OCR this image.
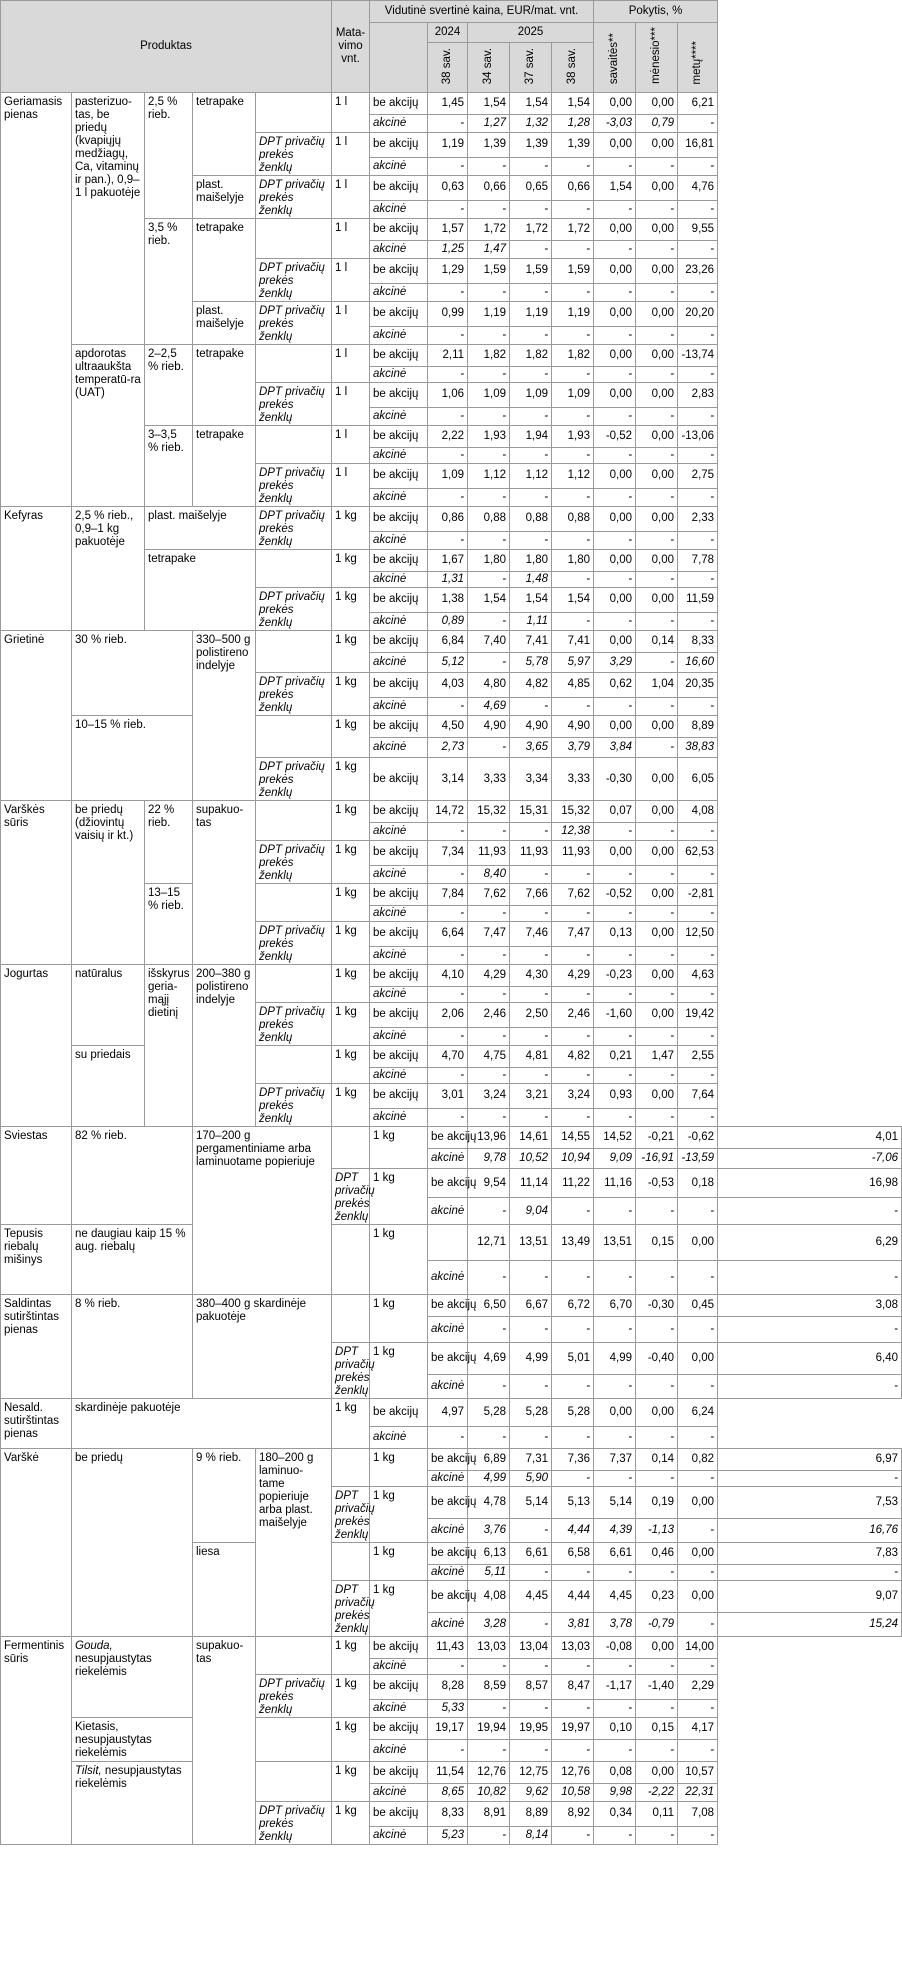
Produktas					Mata-vimo vnt.	Vidutinė svertinė kaina, EUR/mat. vnt.					Pokytis, %			
							2024	2025			savaitės**	mėnesio***	metų****	
							38 sav.	34 sav.	37 sav.	38 sav.				
Geriamasis pienas	pasterizuo-tas, be priedų (kvapiųjų medžiagų, Ca, vitaminų ir pan.), 0,9–1 l pakuotėje	2,5 % rieb.	tetrapake		1 l	be akcijų	1,45	1,54	1,54	1,54	0,00	0,00	6,21	
						akcinė	-	1,27	1,32	1,28	-3,03	0,79	-	
				DPT privačių prekės ženklų	1 l	be akcijų	1,19	1,39	1,39	1,39	0,00	0,00	16,81	
						akcinė	-	-	-	-	-	-	-	
			plast. maišelyje	DPT privačių prekės ženklų	1 l	be akcijų	0,63	0,66	0,65	0,66	1,54	0,00	4,76	
						akcinė	-	-	-	-	-	-	-	
		3,5 % rieb.	tetrapake		1 l	be akcijų	1,57	1,72	1,72	1,72	0,00	0,00	9,55	
						akcinė	1,25	1,47	-	-	-	-	-	
				DPT privačių prekės ženklų	1 l	be akcijų	1,29	1,59	1,59	1,59	0,00	0,00	23,26	
						akcinė	-	-	-	-	-	-	-	
			plast. maišelyje	DPT privačių prekės ženklų	1 l	be akcijų	0,99	1,19	1,19	1,19	0,00	0,00	20,20	
						akcinė	-	-	-	-	-	-	-	
	apdorotas ultraaukšta temperatū-ra (UAT)	2–2,5 % rieb.	tetrapake		1 l	be akcijų	2,11	1,82	1,82	1,82	0,00	0,00	-13,74	
						akcinė	-	-	-	-	-	-	-	
				DPT privačių prekės ženklų	1 l	be akcijų	1,06	1,09	1,09	1,09	0,00	0,00	2,83	
						akcinė	-	-	-	-	-	-	-	
		3–3,5 % rieb.	tetrapake		1 l	be akcijų	2,22	1,93	1,94	1,93	-0,52	0,00	-13,06	
						akcinė	-	-	-	-	-	-	-	
				DPT privačių prekės ženklų	1 l	be akcijų	1,09	1,12	1,12	1,12	0,00	0,00	2,75	
						akcinė	-	-	-	-	-	-	-	
Kefyras	2,5 % rieb., 0,9–1 kg pakuotėje	plast. maišelyje		DPT privačių prekės ženklų	1 kg	be akcijų	0,86	0,88	0,88	0,88	0,00	0,00	2,33	
						akcinė	-	-	-	-	-	-	-	
		tetrapake			1 kg	be akcijų	1,67	1,80	1,80	1,80	0,00	0,00	7,78	
						akcinė	1,31	-	1,48	-	-	-	-	
				DPT privačių prekės ženklų	1 kg	be akcijų	1,38	1,54	1,54	1,54	0,00	0,00	11,59	
						akcinė	0,89	-	1,11	-	-	-	-	
Grietinė	30 % rieb.		330–500 g polistireno indelyje		1 kg	be akcijų	6,84	7,40	7,41	7,41	0,00	0,14	8,33	
						akcinė	5,12	-	5,78	5,97	3,29	-	16,60	
				DPT privačių prekės ženklų	1 kg	be akcijų	4,03	4,80	4,82	4,85	0,62	1,04	20,35	
						akcinė	-	4,69	-	-	-	-	-	
	10–15 % rieb.				1 kg	be akcijų	4,50	4,90	4,90	4,90	0,00	0,00	8,89	
						akcinė	2,73	-	3,65	3,79	3,84	-	38,83	
				DPT privačių prekės ženklų	1 kg	be akcijų	3,14	3,33	3,34	3,33	-0,30	0,00	6,05	
Varškės sūris	be priedų (džiovintų vaisių ir kt.)	22 % rieb.	supakuo-tas		1 kg	be akcijų	14,72	15,32	15,31	15,32	0,07	0,00	4,08	
						akcinė	-	-	-	12,38	-	-	-	
				DPT privačių prekės ženklų	1 kg	be akcijų	7,34	11,93	11,93	11,93	0,00	0,00	62,53	
						akcinė	-	8,40	-	-	-	-	-	
		13–15 % rieb.			1 kg	be akcijų	7,84	7,62	7,66	7,62	-0,52	0,00	-2,81	
						akcinė	-	-	-	-	-	-	-	
				DPT privačių prekės ženklų	1 kg	be akcijų	6,64	7,47	7,46	7,47	0,13	0,00	12,50	
						akcinė	-	-	-	-	-	-	-	
Jogurtas	natūralus	išskyrus geria-mąjį dietinį	200–380 g polistireno indelyje		1 kg	be akcijų	4,10	4,29	4,30	4,29	-0,23	0,00	4,63	
						akcinė	-	-	-	-	-	-	-	
				DPT privačių prekės ženklų	1 kg	be akcijų	2,06	2,46	2,50	2,46	-1,60	0,00	19,42	
						akcinė	-	-	-	-	-	-	-	
	su priedais				1 kg	be akcijų	4,70	4,75	4,81	4,82	0,21	1,47	2,55	
						akcinė	-	-	-	-	-	-	-	
				DPT privačių prekės ženklų	1 kg	be akcijų	3,01	3,24	3,21	3,24	0,93	0,00	7,64	
						akcinė	-	-	-	-	-	-	-	
Sviestas	82 % rieb.		170–200 g pergamentiniame arba laminuotame popieriuje			1 kg	be akcijų	13,96	14,61	14,55	14,52	-0,21	-0,62	4,01
							akcinė	9,78	10,52	10,94	9,09	-16,91	-13,59	-7,06
					DPT privačių prekės ženklų	1 kg	be akcijų	9,54	11,14	11,22	11,16	-0,53	0,18	16,98
							akcinė	-	9,04	-	-	-	-	-
Tepusis riebalų mišinys	ne daugiau kaip 15 % aug. riebalų					1 kg		12,71	13,51	13,49	13,51	0,15	0,00	6,29
							akcinė	-	-	-	-	-	-	-
Saldintas sutirštintas pienas	8 % rieb.		380–400 g skardinėje pakuotėje			1 kg	be akcijų	6,50	6,67	6,72	6,70	-0,30	0,45	3,08
							akcinė	-	-	-	-	-	-	-
					DPT privačių prekės ženklų	1 kg	be akcijų	4,69	4,99	5,01	4,99	-0,40	0,00	6,40
							akcinė	-	-	-	-	-	-	-
Nesald. sutirštintas pienas	skardinėje pakuotėje				1 kg	be akcijų	4,97	5,28	5,28	5,28	0,00	0,00	6,24	
						akcinė	-	-	-	-	-	-	-	
Varškė	be priedų		9 % rieb.	180–200 g laminuo-tame popieriuje arba plast. maišelyje		1 kg	be akcijų	6,89	7,31	7,36	7,37	0,14	0,82	6,97
							akcinė	4,99	5,90	-	-	-	-	-
					DPT privačių prekės ženklų	1 kg	be akcijų	4,78	5,14	5,13	5,14	0,19	0,00	7,53
							akcinė	3,76	-	4,44	4,39	-1,13	-	16,76
			liesa			1 kg	be akcijų	6,13	6,61	6,58	6,61	0,46	0,00	7,83
							akcinė	5,11	-	-	-	-	-	-
					DPT privačių prekės ženklų	1 kg	be akcijų	4,08	4,45	4,44	4,45	0,23	0,00	9,07
							akcinė	3,28	-	3,81	3,78	-0,79	-	15,24
Fermentinis sūris	Gouda, nesupjaustytas riekelėmis		supakuo-tas		1 kg	be akcijų	11,43	13,03	13,04	13,03	-0,08	0,00	14,00	
						akcinė	-	-	-	-	-	-	-	
				DPT privačių prekės ženklų	1 kg	be akcijų	8,28	8,59	8,57	8,47	-1,17	-1,40	2,29	
						akcinė	5,33	-	-	-	-	-	-	
	Kietasis, nesupjaustytas riekelėmis				1 kg	be akcijų	19,17	19,94	19,95	19,97	0,10	0,15	4,17	
						akcinė	-	-	-	-	-	-	-	
	Tilsit, nesupjaustytas riekelėmis				1 kg	be akcijų	11,54	12,76	12,75	12,76	0,08	0,00	10,57	
						akcinė	8,65	10,82	9,62	10,58	9,98	-2,22	22,31	
				DPT privačių prekės ženklų	1 kg	be akcijų	8,33	8,91	8,89	8,92	0,34	0,11	7,08	
						akcinė	5,23	-	8,14	-	-	-	-	
